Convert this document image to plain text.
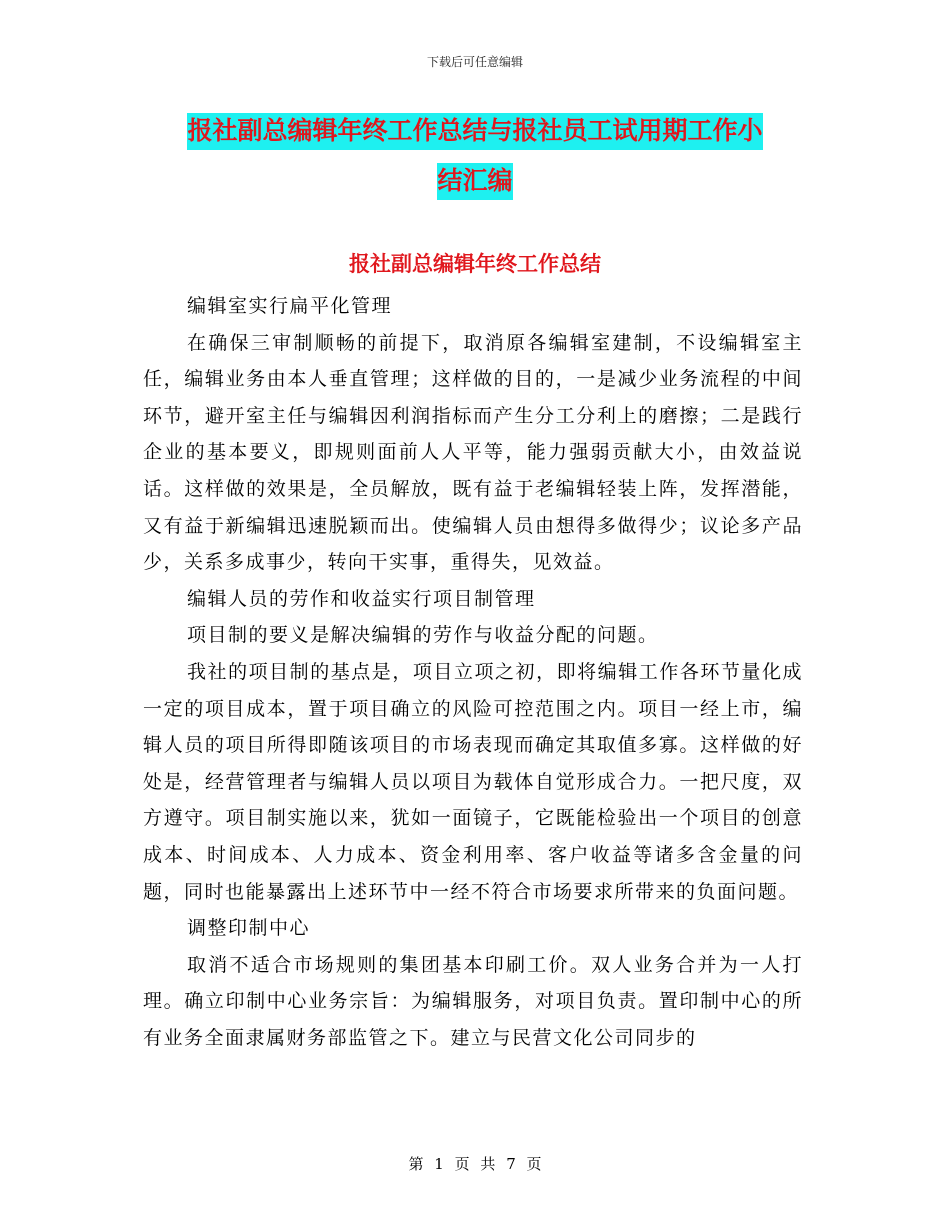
下载后可任意编辑
报社副总编辑年终工作总结与报社员工试用期工作小
结汇编
报社副总编辑年终工作总结

编辑室实行扁平化管理

在确保三审制顺畅的前提下，取消原各编辑室建制，不设编辑室主任，编辑业务由本人垂直管理；这样做的目的，一是减少业务流程的中间环节，避开室主任与编辑因利润指标而产生分工分利上的磨擦；二是践行企业的基本要义，即规则面前人人平等，能力强弱贡献大小，由效益说话。这样做的效果是，全员解放，既有益于老编辑轻装上阵，发挥潜能，又有益于新编辑迅速脱颖而出。使编辑人员由想得多做得少；议论多产品少，关系多成事少，转向干实事，重得失，见效益。

编辑人员的劳作和收益实行项目制管理

项目制的要义是解决编辑的劳作与收益分配的问题。

我社的项目制的基点是，项目立项之初，即将编辑工作各环节量化成一定的项目成本，置于项目确立的风险可控范围之内。项目一经上市，编辑人员的项目所得即随该项目的市场表现而确定其取值多寡。这样做的好处是，经营管理者与编辑人员以项目为载体自觉形成合力。一把尺度，双方遵守。项目制实施以来，犹如一面镜子，它既能检验出一个项目的创意成本、时间成本、人力成本、资金利用率、客户收益等诸多含金量的问题，同时也能暴露出上述环节中一经不符合市场要求所带来的负面问题。

调整印制中心

取消不适合市场规则的集团基本印刷工价。双人业务合并为一人打理。确立印制中心业务宗旨：为编辑服务，对项目负责。置印制中心的所有业务全面隶属财务部监管之下。建立与民营文化公司同步的

第 1 页 共 7 页
